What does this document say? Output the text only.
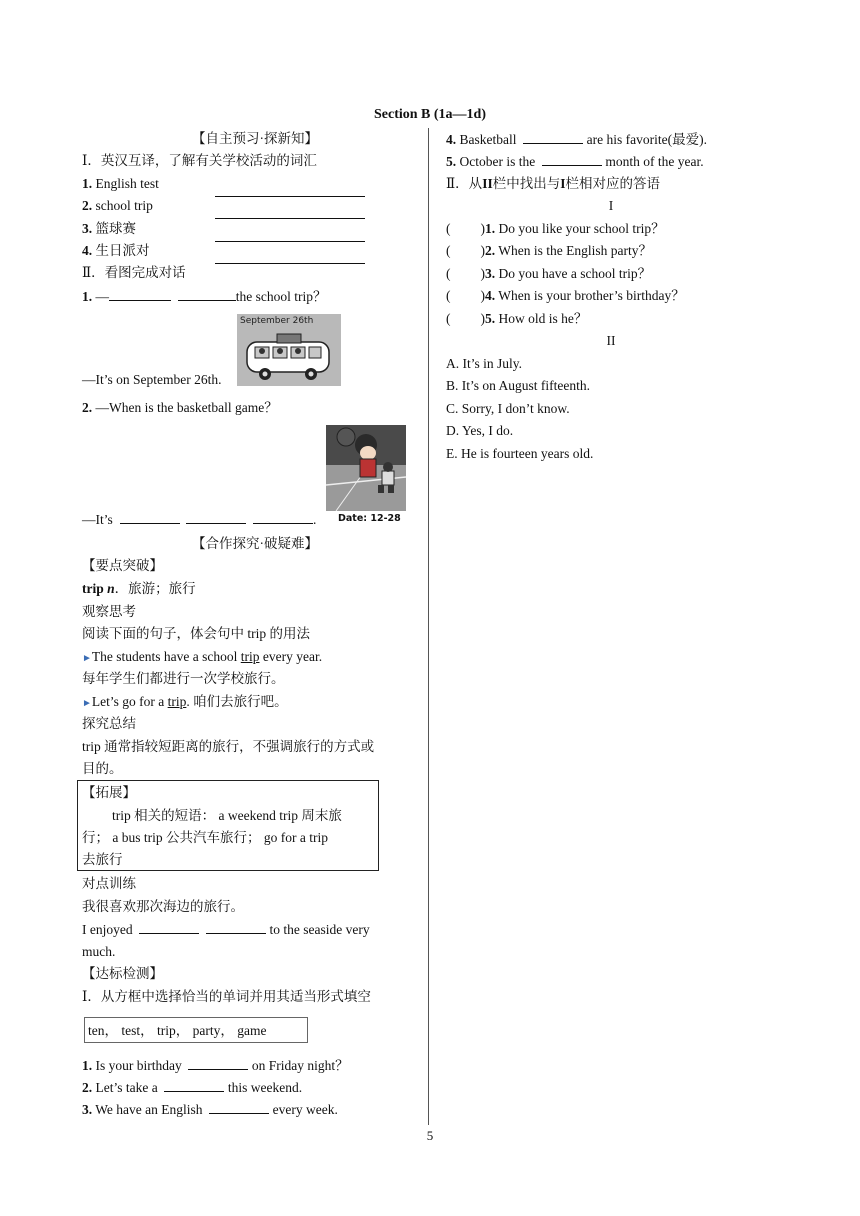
Section B (1a—1d)
【自主预习·探新知】
Ⅰ．英汉互译，了解有关学校活动的词汇
1. English test
2. school trip
3. 篮球赛
4. 生日派对
Ⅱ．看图完成对话
1. —	the school trip？
September 26th
—It’s on September 26th.
2. —When is the basketball game？
Date: 12-28
—It’s	.
【合作探究·破疑难】
【要点突破】
trip n．旅游；旅行
观察思考
阅读下面的句子，体会句中 trip 的用法
►The students have a school trip every year.
每年学生们都进行一次学校旅行。
►Let’s go for a trip. 咱们去旅行吧。
探究总结
trip 通常指较短距离的旅行，不强调旅行的方式或
目的。
【拓展】
trip 相关的短语： a weekend trip 周末旅
行； a bus trip 公共汽车旅行； go for a trip
去旅行
对点训练
我很喜欢那次海边的旅行。
I enjoyed	to the seaside very
much.
【达标检测】
Ⅰ．从方框中选择恰当的单词并用其适当形式填空
ten， test， trip， party， game
1. Is your birthday	on Friday night？
2. Let’s take a	this weekend.
3. We have an English	every week.
4. Basketball	are his favorite(最爱).
5. October is the	month of the year.
Ⅱ．从II栏中找出与I栏相对应的答语
I
( )1. Do you like your school trip？
( )2. When is the English party？
( )3. Do you have a school trip？
( )4. When is your brother’s birthday？
( )5. How old is he？
II
A. It’s in July.
B. It’s on August fifteenth.
C. Sorry, I don’t know.
D. Yes, I do.
E. He is fourteen years old.
5
